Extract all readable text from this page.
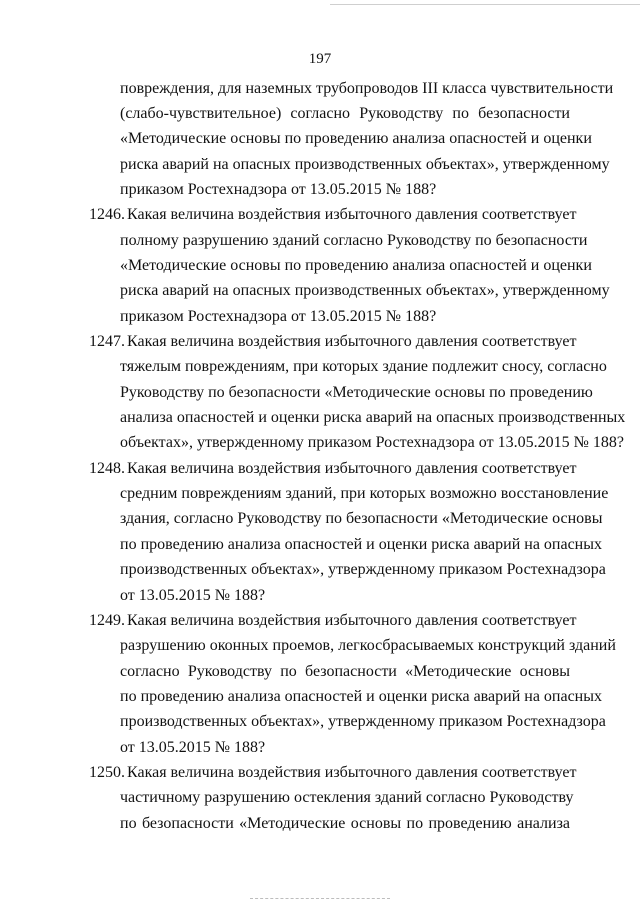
197
повреждения, для наземных трубопроводов III класса чувствительности
(слабо-чувствительное) согласно Руководству по безопасности
«Методические основы по проведению анализа опасностей и оценки
риска аварий на опасных производственных объектах», утвержденному
приказом Ростехнадзора от 13.05.2015 № 188?
1246. Какая величина воздействия избыточного давления соответствует
полному разрушению зданий согласно Руководству по безопасности
«Методические основы по проведению анализа опасностей и оценки
риска аварий на опасных производственных объектах», утвержденному
приказом Ростехнадзора от 13.05.2015 № 188?
1247. Какая величина воздействия избыточного давления соответствует
тяжелым повреждениям, при которых здание подлежит сносу, согласно
Руководству по безопасности «Методические основы по проведению
анализа опасностей и оценки риска аварий на опасных производственных
объектах», утвержденному приказом Ростехнадзора от 13.05.2015 № 188?
1248. Какая величина воздействия избыточного давления соответствует
средним повреждениям зданий, при которых возможно восстановление
здания, согласно Руководству по безопасности «Методические основы
по проведению анализа опасностей и оценки риска аварий на опасных
производственных объектах», утвержденному приказом Ростехнадзора
от 13.05.2015 № 188?
1249. Какая величина воздействия избыточного давления соответствует
разрушению оконных проемов, легкосбрасываемых конструкций зданий
согласно Руководству по безопасности «Методические основы
по проведению анализа опасностей и оценки риска аварий на опасных
производственных объектах», утвержденному приказом Ростехнадзора
от 13.05.2015 № 188?
1250. Какая величина воздействия избыточного давления соответствует
частичному разрушению остекления зданий согласно Руководству
по безопасности «Методические основы по проведению анализа
